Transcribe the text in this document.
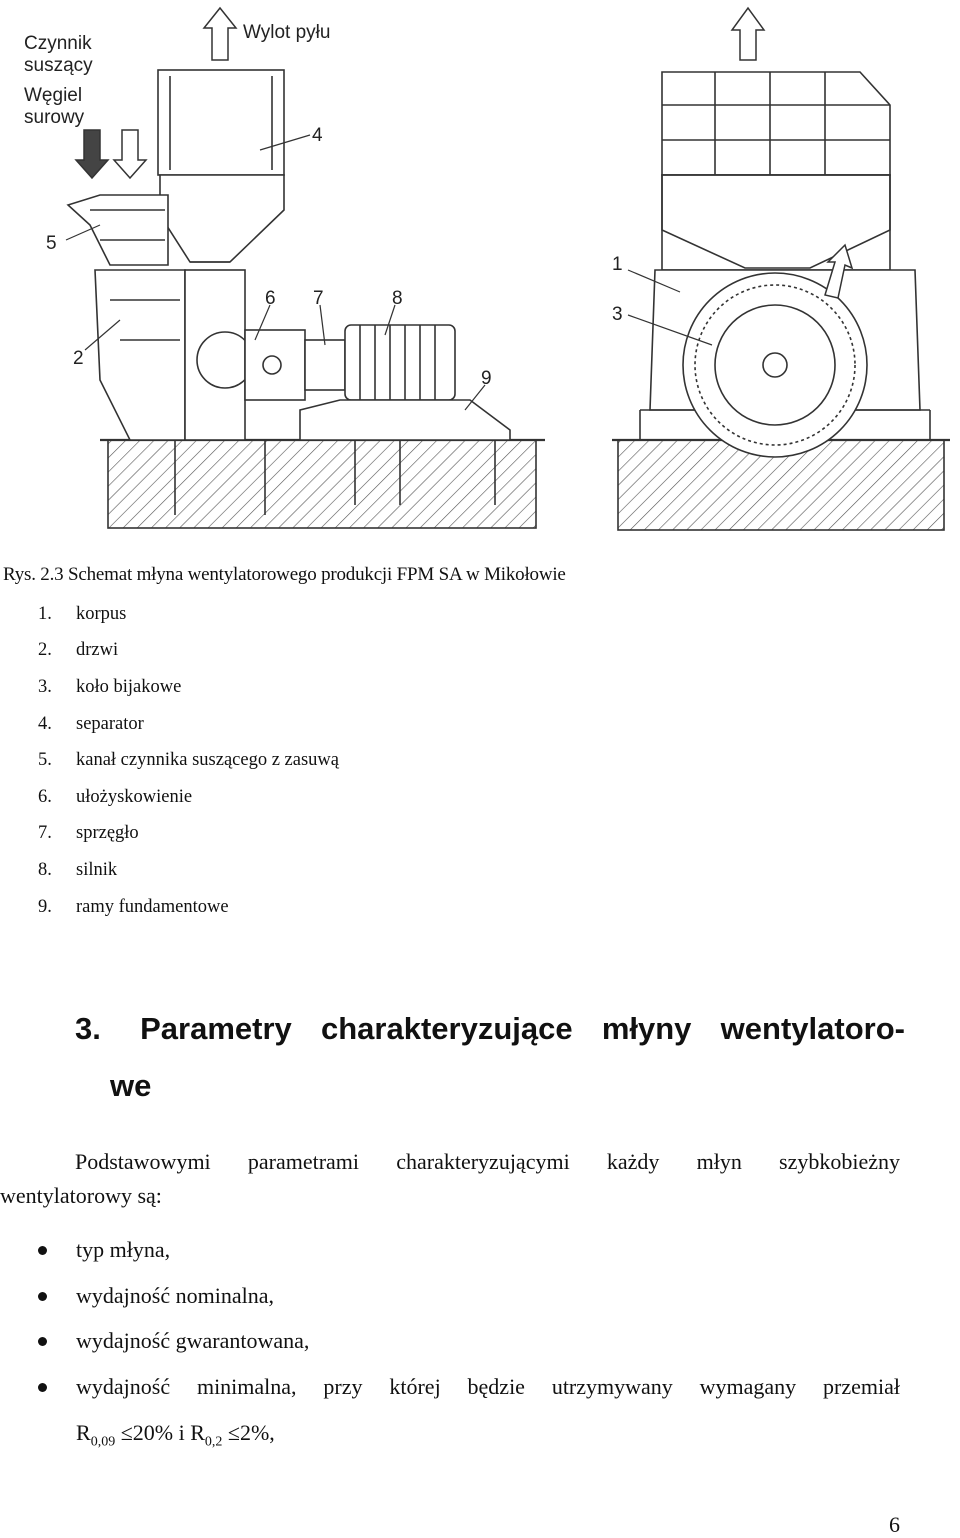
Czynnik
suszący
Węgiel
surowy
Wylot pyłu
4
5
6 7	8
2
9
1
3
Rys. 2.3 Schemat młyna wentylatorowego produkcji FPM SA w Mikołowie
1.	korpus
2.	drzwi
3.	koło bijakowe
4.	separator
5.	kanał czynnika suszącego z zasuwą
6.	ułożyskowienie
7.	sprzęgło
8.	silnik
9.	ramy fundamentowe
3. Parametry charakteryzujące młyny wentylatoro-
we
Podstawowymi parametrami charakteryzującymi każdy młyn szybkobieżny
wentylatorowy są:
typ młyna,
wydajność nominalna,
wydajność gwarantowana,
wydajność minimalna, przy której będzie utrzymywany wymagany przemiał
$R_{0,09} \le 20\%$ i $R_{0,2} \le 2\%$,
6
